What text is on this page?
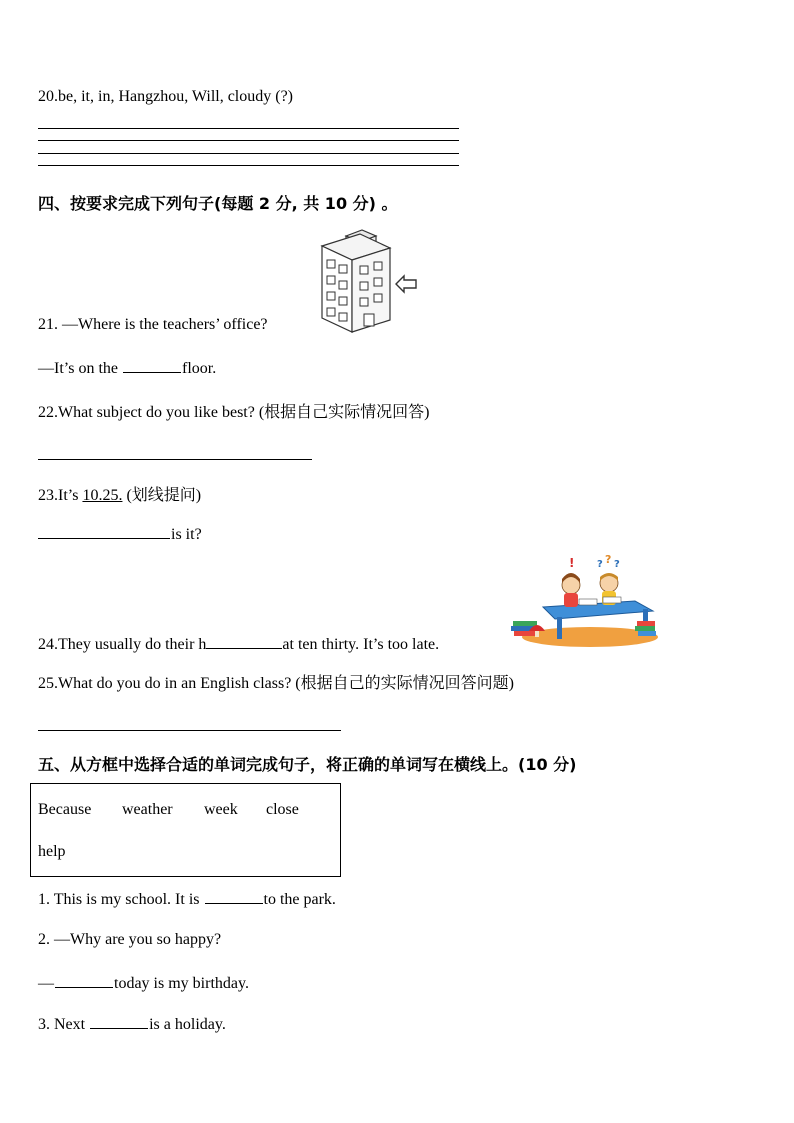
20.be, it, in, Hangzhou, Will, cloudy (?)
四、按要求完成下列句子(每题 2 分, 共 10 分) 。
21. —Where is the teachers’ office?
—It’s on the	floor.
22.What subject do you like best? (根据自己实际情况回答)
23.It’s 10.25. (划线提问)
is it?
! ? ? ?
24.They usually do their h	at ten thirty. It’s too late.
25.What do you do in an English class? (根据自己的实际情况回答问题)
五、从方框中选择合适的单词完成句子，将正确的单词写在横线上。(10 分)
Because weather week close
help
1. This is my school. It is	to the park.
2. —Why are you so happy?
—	today is my birthday.
3. Next	is a holiday.
